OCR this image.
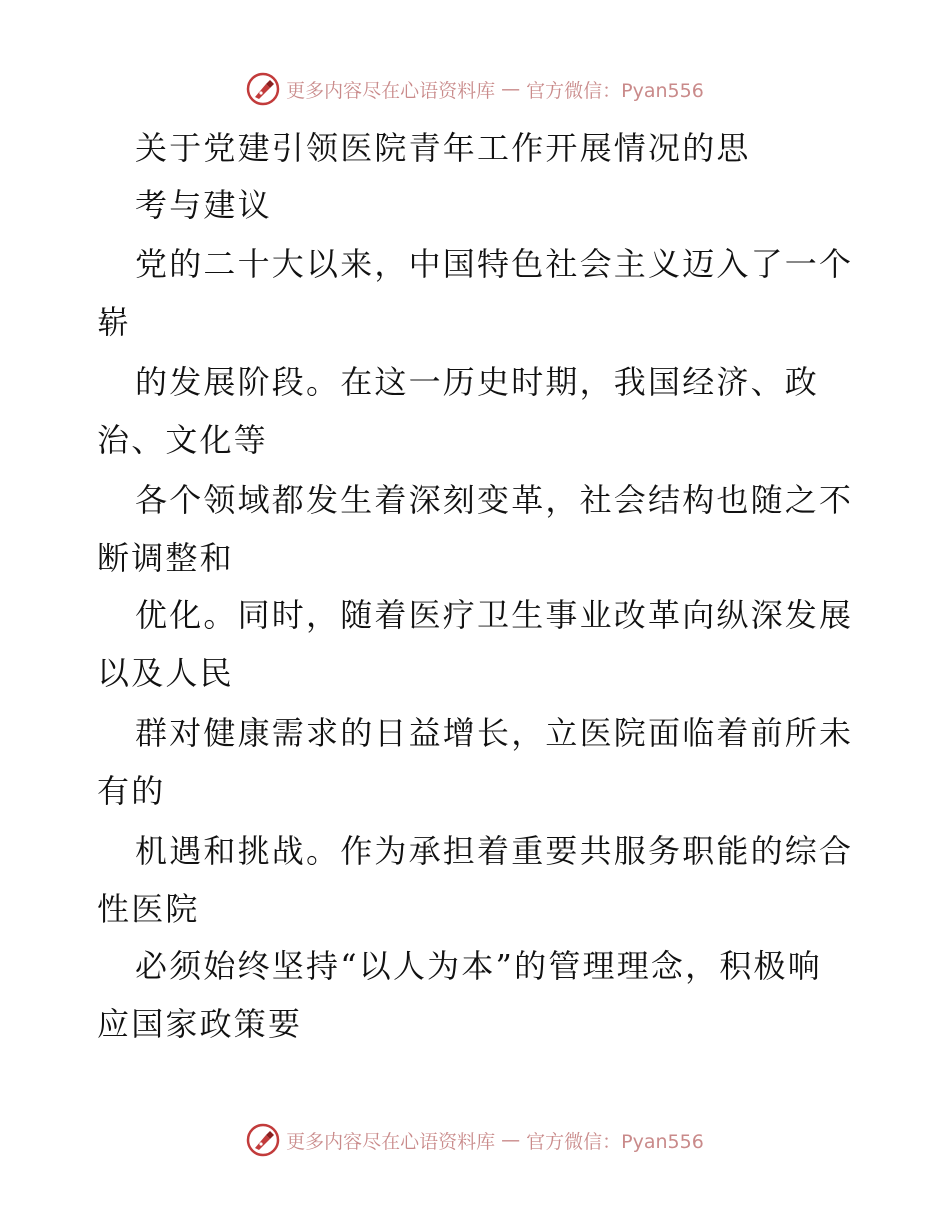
更多内容尽在心语资料库 — 官方微信：Pyan556
关于党建引领医院青年工作开展情况的思
考与建议
党的二十大以来，中国特色社会主义迈入了一个
崭
的发展阶段。在这一历史时期，我国经济、政
治、文化等
各个领域都发生着深刻变革，社会结构也随之不
断调整和
优化。同时，随着医疗卫生事业改革向纵深发展
以及人民
群对健康需求的日益增长，立医院面临着前所未
有的
机遇和挑战。作为承担着重要共服务职能的综合
性医院
必须始终坚持“以人为本”的管理理念，积极响
应国家政策要
更多内容尽在心语资料库 — 官方微信：Pyan556
